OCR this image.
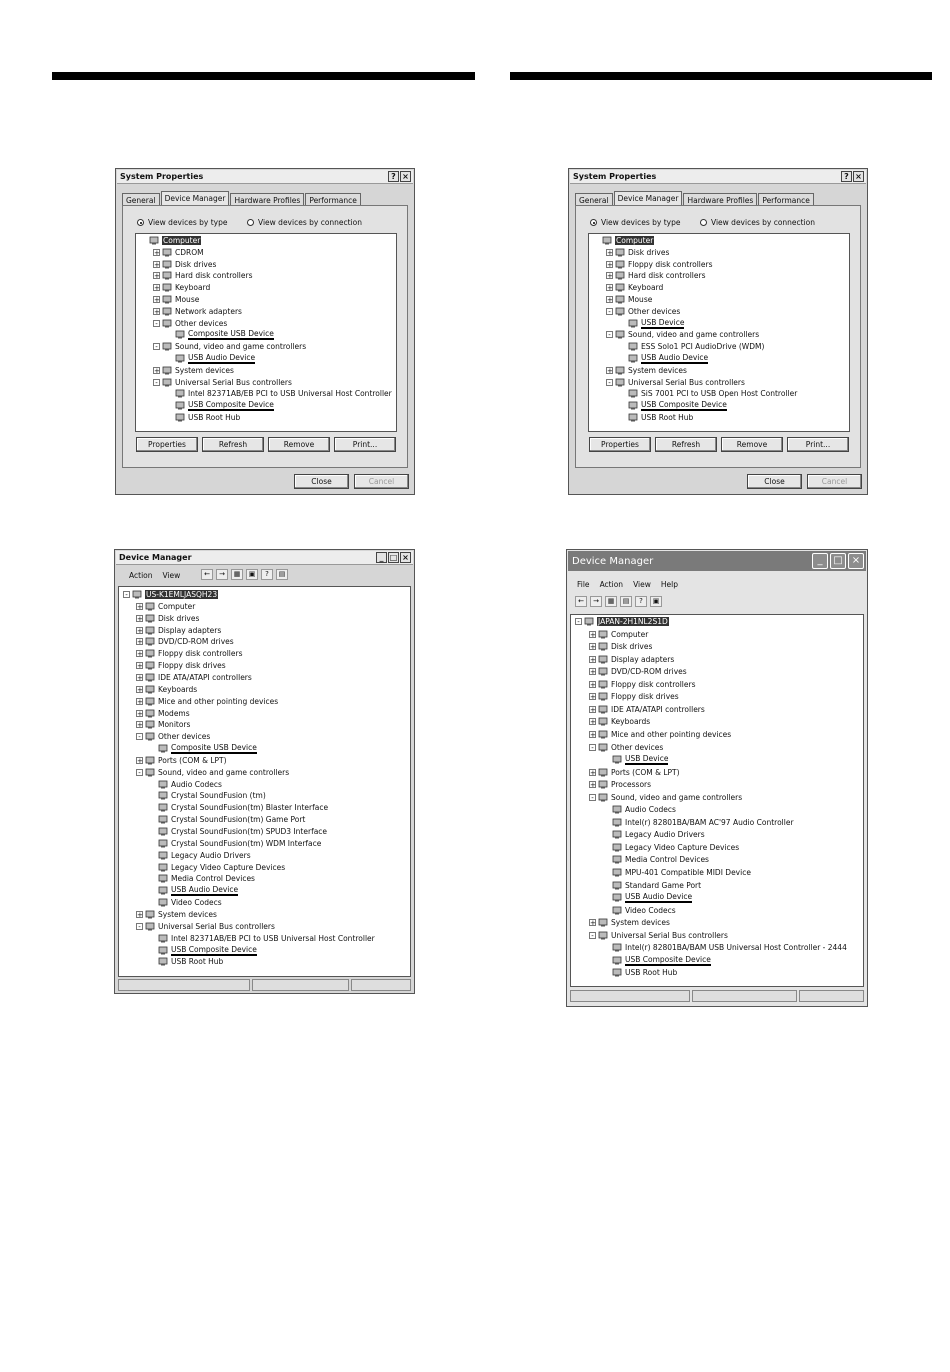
System Properties	? ×
General	Device Manager	Hardware Profiles	Performance
View devices by type	View devices by connection
Computer
+ CDROM
+ Disk drives
+ Hard disk controllers
+ Keyboard
+ Mouse
+ Network adapters
- Other devices
Composite USB Device
- Sound, video and game controllers
USB Audio Device
+ System devices
- Universal Serial Bus controllers
Intel 82371AB/EB PCI to USB Universal Host Controller
USB Composite Device
USB Root Hub
Properties	Refresh	Remove	Print...
Close	Cancel
System Properties	? ×
General	Device Manager	Hardware Profiles	Performance
View devices by type	View devices by connection
Computer
+ Disk drives
+ Floppy disk controllers
+ Hard disk controllers
+ Keyboard
+ Mouse
- Other devices
USB Device
- Sound, video and game controllers
ESS Solo1 PCI AudioDrive (WDM)
USB Audio Device
+ System devices
- Universal Serial Bus controllers
SiS 7001 PCI to USB Open Host Controller
USB Composite Device
USB Root Hub
Properties	Refresh	Remove	Print...
Close	Cancel
Device Manager	_ □ ×
Action View	←	→	▦	▣	?	▤
- US-K1EMLJASQH23
+ Computer
+ Disk drives
+ Display adapters
+ DVD/CD-ROM drives
+ Floppy disk controllers
+ Floppy disk drives
+ IDE ATA/ATAPI controllers
+ Keyboards
+ Mice and other pointing devices
+ Modems
+ Monitors
- Other devices
Composite USB Device
+ Ports (COM & LPT)
- Sound, video and game controllers
Audio Codecs
Crystal SoundFusion (tm)
Crystal SoundFusion(tm) Blaster Interface
Crystal SoundFusion(tm) Game Port
Crystal SoundFusion(tm) SPUD3 Interface
Crystal SoundFusion(tm) WDM Interface
Legacy Audio Drivers
Legacy Video Capture Devices
Media Control Devices
USB Audio Device
Video Codecs
+ System devices
- Universal Serial Bus controllers
Intel 82371AB/EB PCI to USB Universal Host Controller
USB Composite Device
USB Root Hub
Device Manager	_	□ ×
File Action View Help
←	→	▦	▤	?	▣
- JAPAN-2H1NL2S1D
+ Computer
+ Disk drives
+ Display adapters
+ DVD/CD-ROM drives
+ Floppy disk controllers
+ Floppy disk drives
+ IDE ATA/ATAPI controllers
+ Keyboards
+ Mice and other pointing devices
- Other devices
USB Device
+ Ports (COM & LPT)
+ Processors
- Sound, video and game controllers
Audio Codecs
Intel(r) 82801BA/BAM AC'97 Audio Controller
Legacy Audio Drivers
Legacy Video Capture Devices
Media Control Devices
MPU-401 Compatible MIDI Device
Standard Game Port
USB Audio Device
Video Codecs
+ System devices
- Universal Serial Bus controllers
Intel(r) 82801BA/BAM USB Universal Host Controller - 2444
USB Composite Device
USB Root Hub
